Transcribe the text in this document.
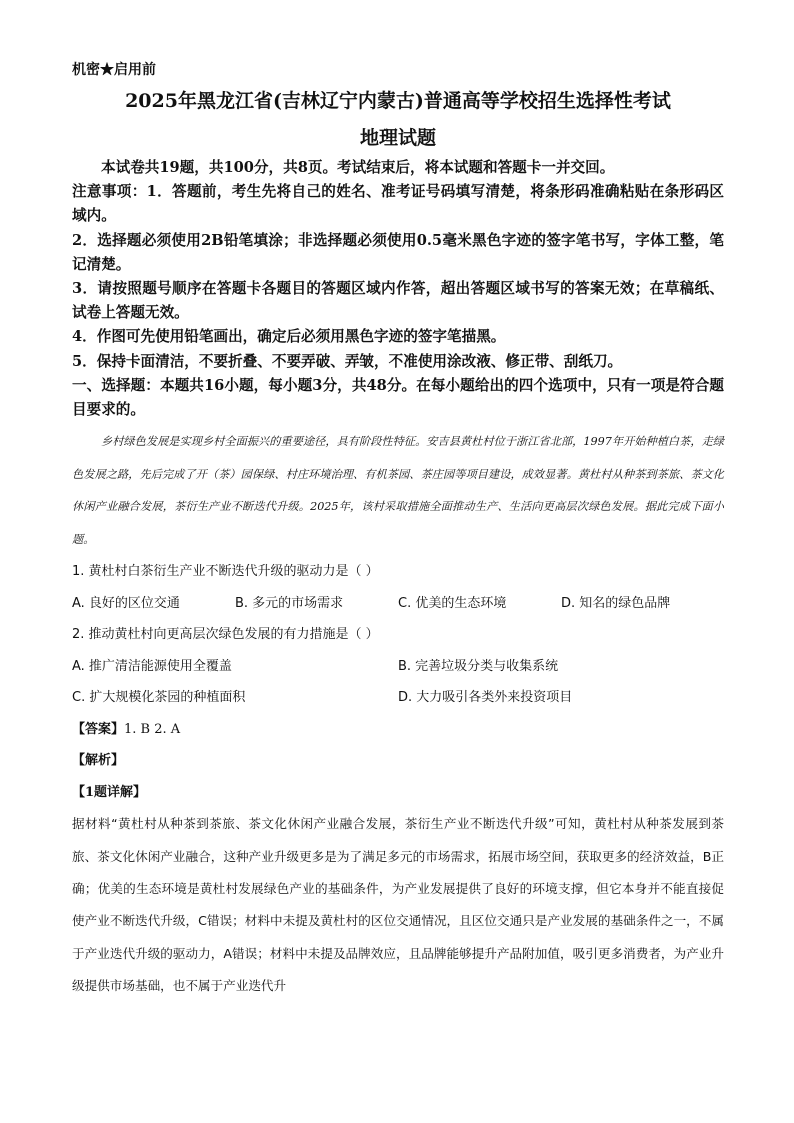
机密★启用前
2025年黑龙江省(吉林辽宁内蒙古)普通高等学校招生选择性考试
地理试题

本试卷共19题，共100分，共8页。考试结束后，将本试题和答题卡一并交回。

注意事项：1．答题前，考生先将自己的姓名、准考证号码填写清楚，将条形码准确粘贴在条形码区域内。

2．选择题必须使用2B铅笔填涂；非选择题必须使用0.5毫米黑色字迹的签字笔书写，字体工整，笔记清楚。

3．请按照题号顺序在答题卡各题目的答题区域内作答，超出答题区域书写的答案无效；在草稿纸、试卷上答题无效。

4．作图可先使用铅笔画出，确定后必须用黑色字迹的签字笔描黑。

5．保持卡面清洁，不要折叠、不要弄破、弄皱，不准使用涂改液、修正带、刮纸刀。

一、选择题：本题共16小题，每小题3分，共48分。在每小题给出的四个选项中，只有一项是符合题目要求的。

乡村绿色发展是实现乡村全面振兴的重要途径，具有阶段性特征。安吉县黄杜村位于浙江省北部，1997年开始种植白茶，走绿色发展之路，先后完成了开（茶）园保绿、村庄环境治理、有机茶园、茶庄园等项目建设，成效显著。黄杜村从种茶到茶旅、茶文化休闲产业融合发展，茶衍生产业不断迭代升级。2025年，该村采取措施全面推动生产、生活向更高层次绿色发展。据此完成下面小题。

1. 黄杜村白茶衍生产业不断迭代升级的驱动力是（ ）

A. 良好的区位交通	B. 多元的市场需求	C. 优美的生态环境	D. 知名的绿色品牌

2. 推动黄杜村向更高层次绿色发展的有力措施是（ ）

A. 推广清洁能源使用全覆盖	B. 完善垃圾分类与收集系统
C. 扩大规模化茶园的种植面积	D. 大力吸引各类外来投资项目

【答案】1. B 2. A

【解析】

【1题详解】

据材料“黄杜村从种茶到茶旅、茶文化休闲产业融合发展，茶衍生产业不断迭代升级”可知，黄杜村从种茶发展到茶旅、茶文化休闲产业融合，这种产业升级更多是为了满足多元的市场需求，拓展市场空间，获取更多的经济效益，B正确；优美的生态环境是黄杜村发展绿色产业的基础条件，为产业发展提供了良好的环境支撑，但它本身并不能直接促使产业不断迭代升级，C错误；材料中未提及黄杜村的区位交通情况，且区位交通只是产业发展的基础条件之一，不属于产业迭代升级的驱动力，A错误；材料中未提及品牌效应，且品牌能够提升产品附加值，吸引更多消费者，为产业升级提供市场基础，也不属于产业迭代升
